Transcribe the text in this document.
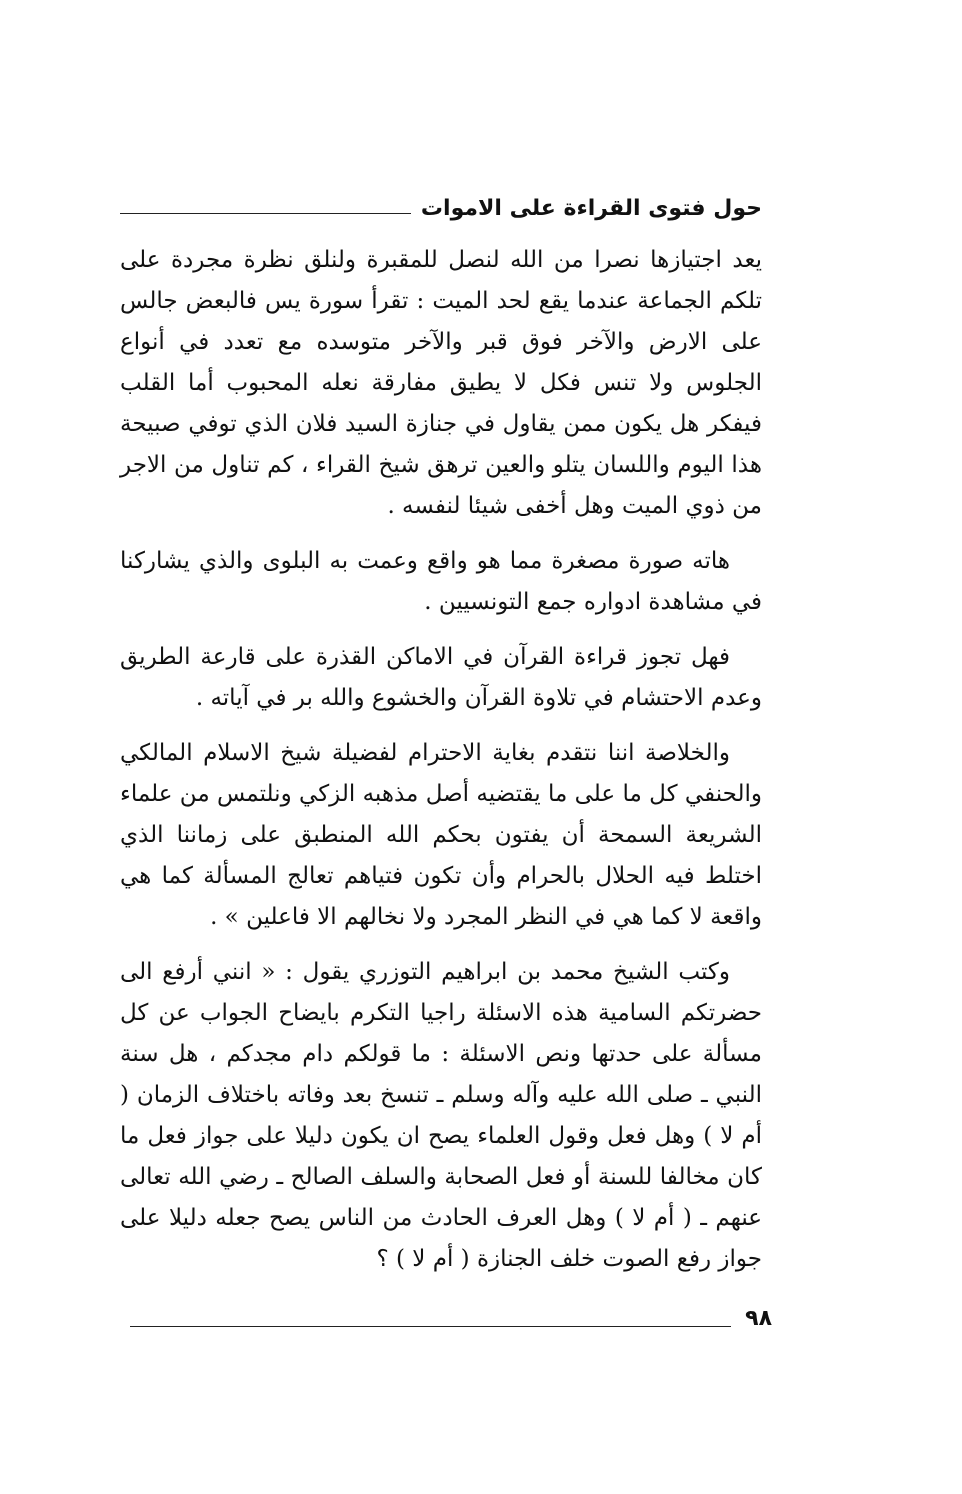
حول فتوى القراءة على الاموات

يعد اجتيازها نصرا من الله لنصل للمقبرة ولنلق نظرة مجردة على تلكم الجماعة عندما يقع لحد الميت : تقرأ سورة يس فالبعض جالس على الارض والآخر فوق قبر والآخر متوسده مع تعدد في أنواع الجلوس ولا تنس فكل لا يطيق مفارقة نعله المحبوب أما القلب فيفكر هل يكون ممن يقاول في جنازة السيد فلان الذي توفي صبيحة هذا اليوم واللسان يتلو والعين ترهق شيخ القراء ، كم تناول من الاجر من ذوي الميت وهل أخفى شيئا لنفسه .

هاته صورة مصغرة مما هو واقع وعمت به البلوى والذي يشاركنا في مشاهدة ادواره جمع التونسيين .

فهل تجوز قراءة القرآن في الاماكن القذرة على قارعة الطريق وعدم الاحتشام في تلاوة القرآن والخشوع والله بر في آياته .

والخلاصة اننا نتقدم بغاية الاحترام لفضيلة شيخ الاسلام المالكي والحنفي كل ما على ما يقتضيه أصل مذهبه الزكي ونلتمس من علماء الشريعة السمحة أن يفتون بحكم الله المنطبق على زماننا الذي اختلط فيه الحلال بالحرام وأن تكون فتياهم تعالج المسألة كما هي واقعة لا كما هي في النظر المجرد ولا نخالهم الا فاعلين » .

وكتب الشيخ محمد بن ابراهيم التوزري يقول : « انني أرفع الى حضرتكم السامية هذه الاسئلة راجيا التكرم بايضاح الجواب عن كل مسألة على حدتها ونص الاسئلة : ما قولكم دام مجدكم ، هل سنة النبي ـ صلى الله عليه وآله وسلم ـ تنسخ بعد وفاته باختلاف الزمان ( أم لا ) وهل فعل وقول العلماء يصح ان يكون دليلا على جواز فعل ما كان مخالفا للسنة أو فعل الصحابة والسلف الصالح ـ رضي الله تعالى عنهم ـ ( أم لا ) وهل العرف الحادث من الناس يصح جعله دليلا على جواز رفع الصوت خلف الجنازة ( أم لا ) ؟

٩٨
